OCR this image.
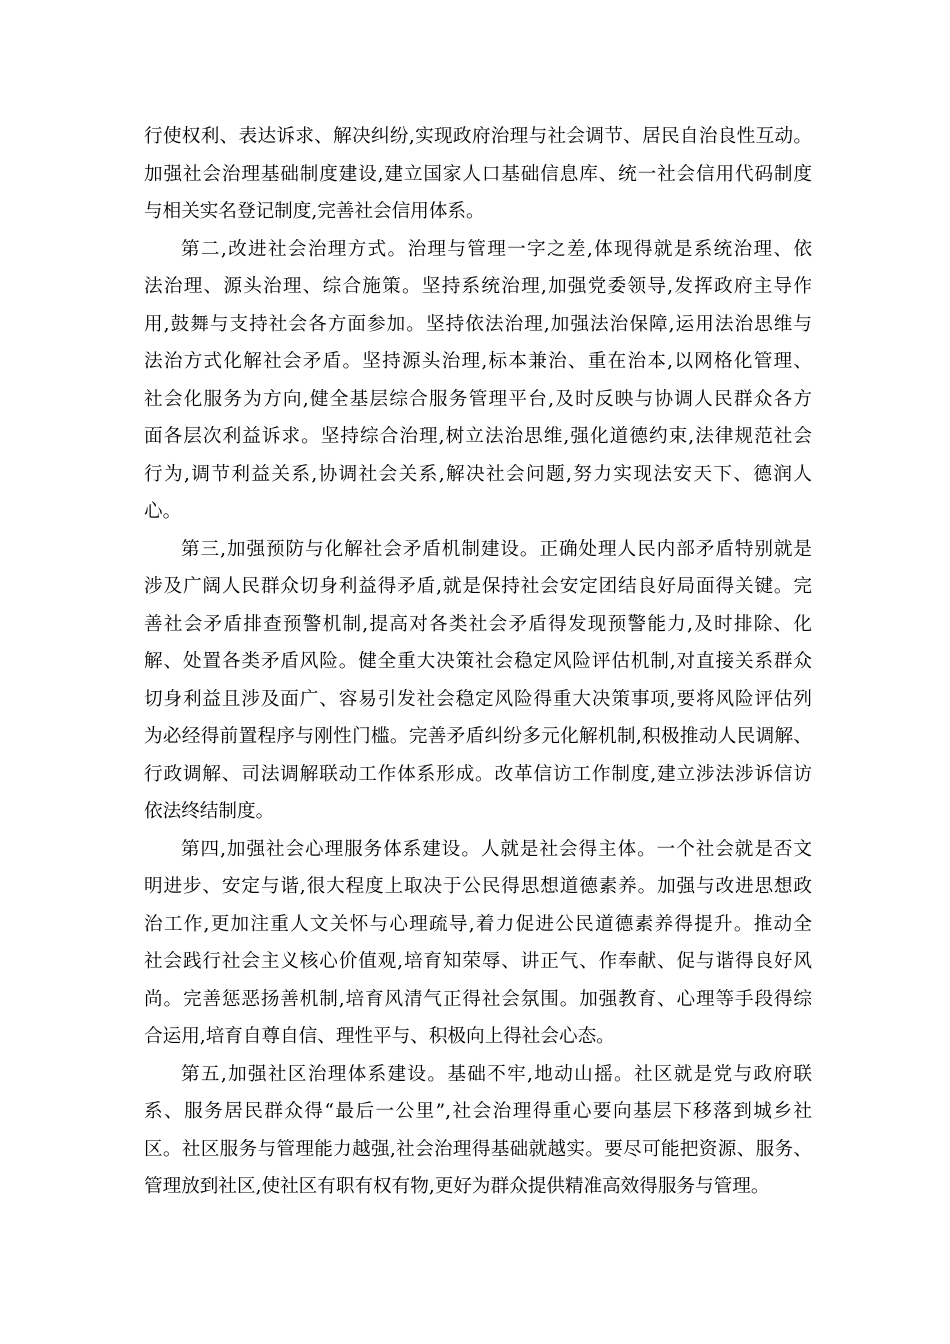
行使权利、表达诉求、解决纠纷,实现政府治理与社会调节、居民自治良性互动。
加强社会治理基础制度建设,建立国家人口基础信息库、统一社会信用代码制度
与相关实名登记制度,完善社会信用体系。
第二,改进社会治理方式。治理与管理一字之差,体现得就是系统治理、依
法治理、源头治理、综合施策。坚持系统治理,加强党委领导,发挥政府主导作
用,鼓舞与支持社会各方面参加。坚持依法治理,加强法治保障,运用法治思维与
法治方式化解社会矛盾。坚持源头治理,标本兼治、重在治本,以网格化管理、
社会化服务为方向,健全基层综合服务管理平台,及时反映与协调人民群众各方
面各层次利益诉求。坚持综合治理,树立法治思维,强化道德约束,法律规范社会
行为,调节利益关系,协调社会关系,解决社会问题,努力实现法安天下、德润人
心。
第三,加强预防与化解社会矛盾机制建设。正确处理人民内部矛盾特别就是
涉及广阔人民群众切身利益得矛盾,就是保持社会安定团结良好局面得关键。完
善社会矛盾排查预警机制,提高对各类社会矛盾得发现预警能力,及时排除、化
解、处置各类矛盾风险。健全重大决策社会稳定风险评估机制,对直接关系群众
切身利益且涉及面广、容易引发社会稳定风险得重大决策事项,要将风险评估列
为必经得前置程序与刚性门槛。完善矛盾纠纷多元化解机制,积极推动人民调解、
行政调解、司法调解联动工作体系形成。改革信访工作制度,建立涉法涉诉信访
依法终结制度。
第四,加强社会心理服务体系建设。人就是社会得主体。一个社会就是否文
明进步、安定与谐,很大程度上取决于公民得思想道德素养。加强与改进思想政
治工作,更加注重人文关怀与心理疏导,着力促进公民道德素养得提升。推动全
社会践行社会主义核心价值观,培育知荣辱、讲正气、作奉献、促与谐得良好风
尚。完善惩恶扬善机制,培育风清气正得社会氛围。加强教育、心理等手段得综
合运用,培育自尊自信、理性平与、积极向上得社会心态。
第五,加强社区治理体系建设。基础不牢,地动山摇。社区就是党与政府联
系、服务居民群众得“最后一公里”,社会治理得重心要向基层下移落到城乡社
区。社区服务与管理能力越强,社会治理得基础就越实。要尽可能把资源、服务、
管理放到社区,使社区有职有权有物,更好为群众提供精准高效得服务与管理。
